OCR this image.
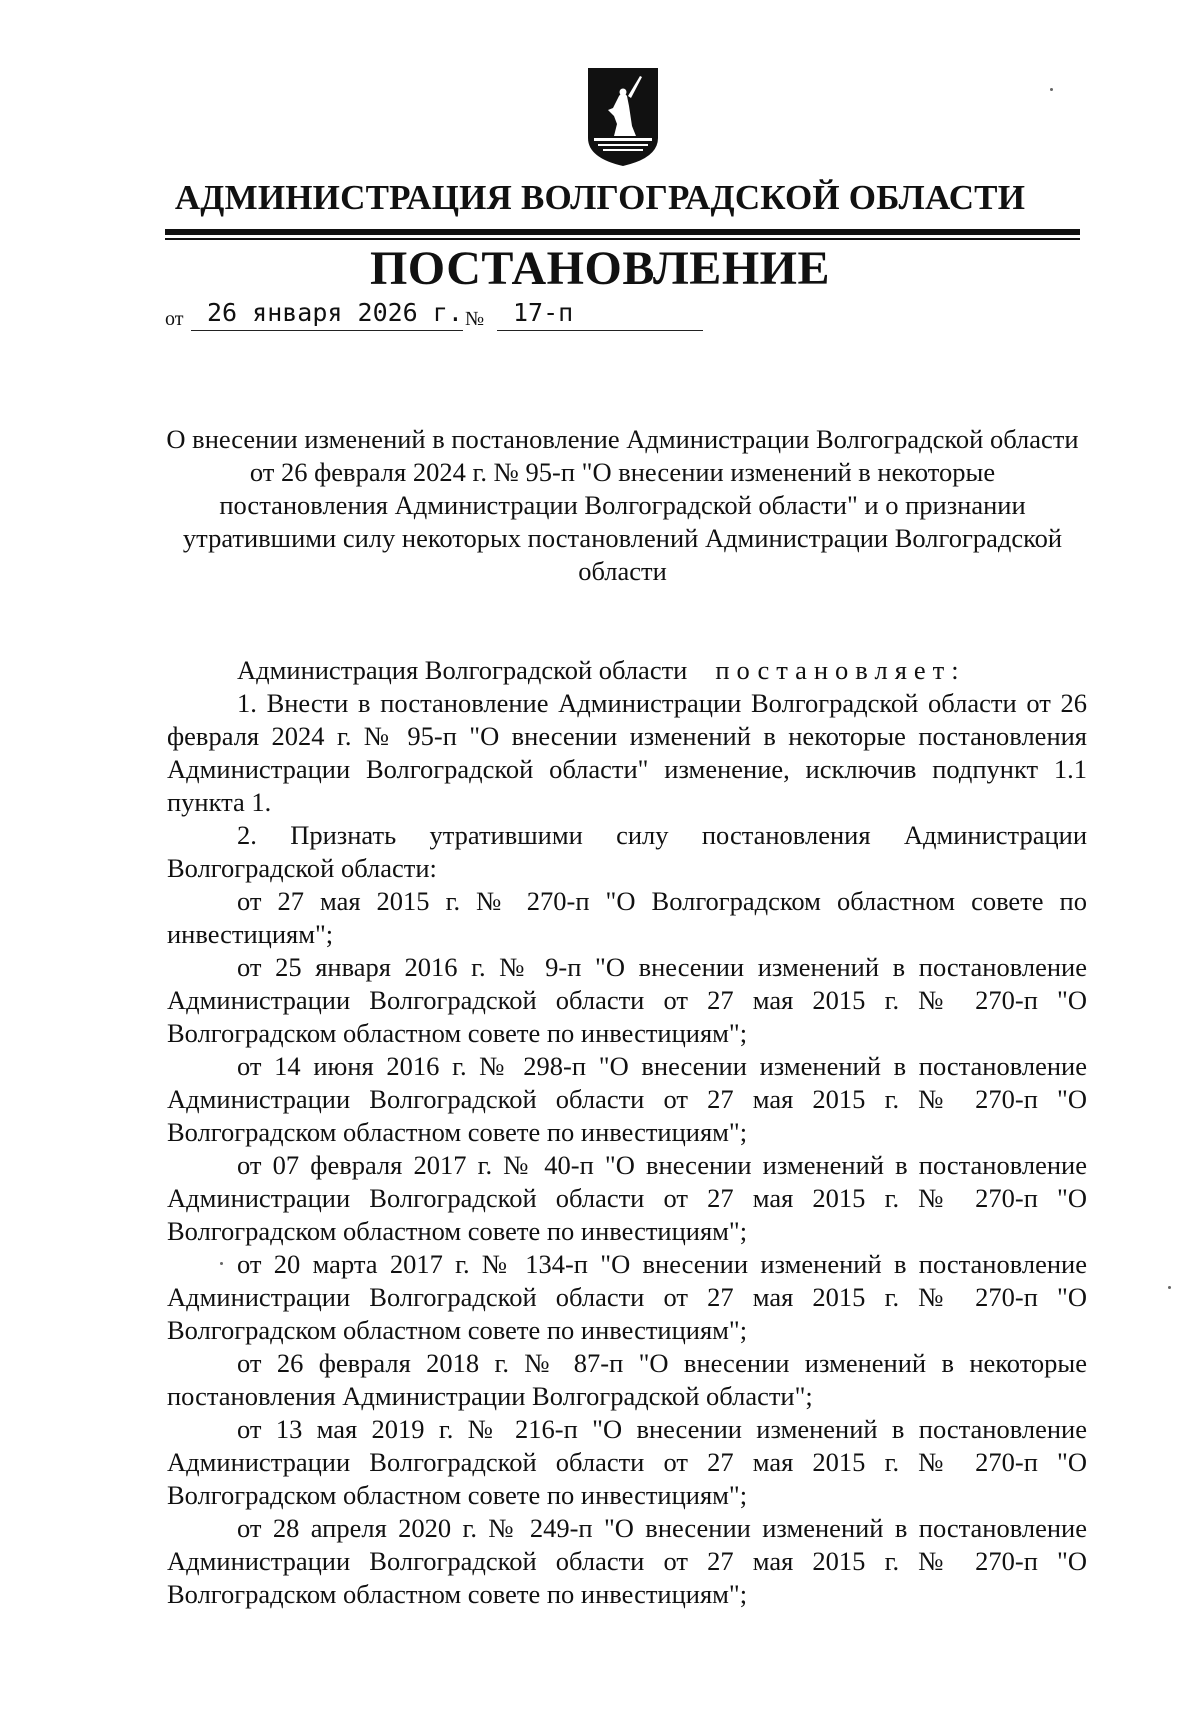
АДМИНИСТРАЦИЯ ВОЛГОГРАДСКОЙ ОБЛАСТИ
ПОСТАНОВЛЕНИЕ
от 26 января 2026 г. № 17-п
О внесении изменений в постановление Администрации Волгоградской области от 26 февраля 2024 г. № 95-п "О внесении изменений в некоторые постановления Администрации Волгоградской области" и о признании утратившими силу некоторых постановлений Администрации Волгоградской области

Администрация Волгоградской области постановляет:

1. Внести в постановление Администрации Волгоградской области от 26 февраля 2024 г. № 95-п "О внесении изменений в некоторые постановления Администрации Волгоградской области" изменение, исключив подпункт 1.1 пункта 1.

2. Признать утратившими силу постановления Администрации Волгоградской области:

от 27 мая 2015 г. № 270-п "О Волгоградском областном совете по инвестициям";

от 25 января 2016 г. № 9-п "О внесении изменений в постановление Администрации Волгоградской области от 27 мая 2015 г. № 270-п "О Волгоградском областном совете по инвестициям";

от 14 июня 2016 г. № 298-п "О внесении изменений в постановление Администрации Волгоградской области от 27 мая 2015 г. № 270-п "О Волгоградском областном совете по инвестициям";

от 07 февраля 2017 г. № 40-п "О внесении изменений в постановление Администрации Волгоградской области от 27 мая 2015 г. № 270-п "О Волгоградском областном совете по инвестициям";

от 20 марта 2017 г. № 134-п "О внесении изменений в постановление Администрации Волгоградской области от 27 мая 2015 г. № 270-п "О Волгоградском областном совете по инвестициям";

от 26 февраля 2018 г. № 87-п "О внесении изменений в некоторые постановления Администрации Волгоградской области";

от 13 мая 2019 г. № 216-п "О внесении изменений в постановление Администрации Волгоградской области от 27 мая 2015 г. № 270-п "О Волгоградском областном совете по инвестициям";

от 28 апреля 2020 г. № 249-п "О внесении изменений в постановление Администрации Волгоградской области от 27 мая 2015 г. № 270-п "О Волгоградском областном совете по инвестициям";
